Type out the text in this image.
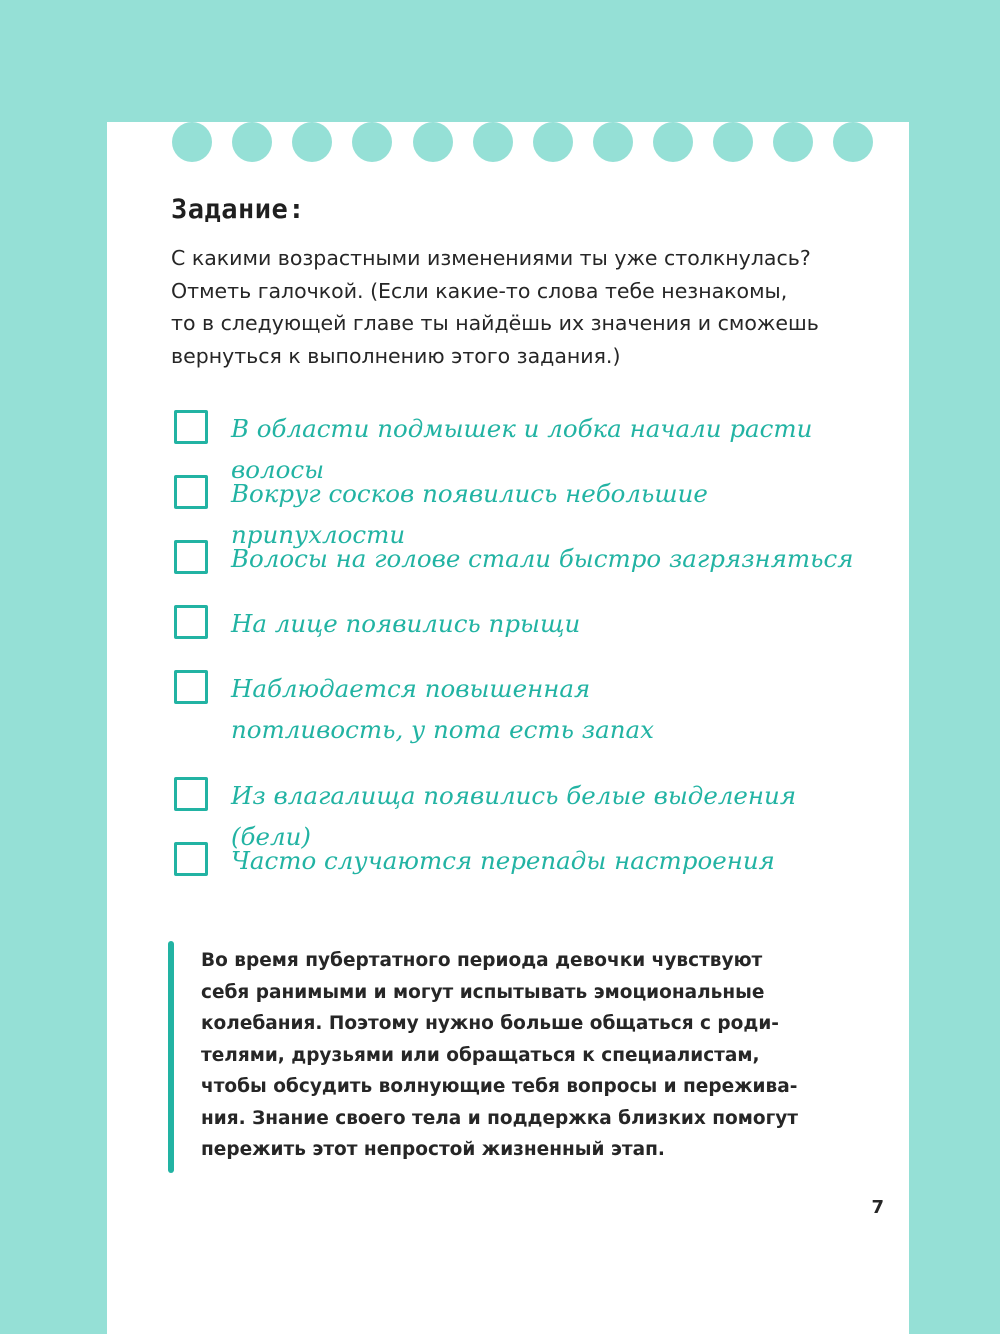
Задание:

С какими возрастными изменениями ты уже столкнулась?
Отметь галочкой. (Если какие-то слова тебе незнакомы,
то в следующей главе ты найдёшь их значения и сможешь
вернуться к выполнению этого задания.)

В области подмышек и лобка начали расти волосы

Вокруг сосков появились небольшие припухлости

Волосы на голове стали быстро загрязняться

На лице появились прыщи

Наблюдается повышенная потливость, у пота есть запах

Из влагалища появились белые выделения (бели)

Часто случаются перепады настроения

Во время пубертатного периода девочки чувствуют
себя ранимыми и могут испытывать эмоциональные
колебания. Поэтому нужно больше общаться с роди-
телями, друзьями или обращаться к специалистам,
чтобы обсудить волнующие тебя вопросы и пережива-
ния. Знание своего тела и поддержка близких помогут
пережить этот непростой жизненный этап.

7
